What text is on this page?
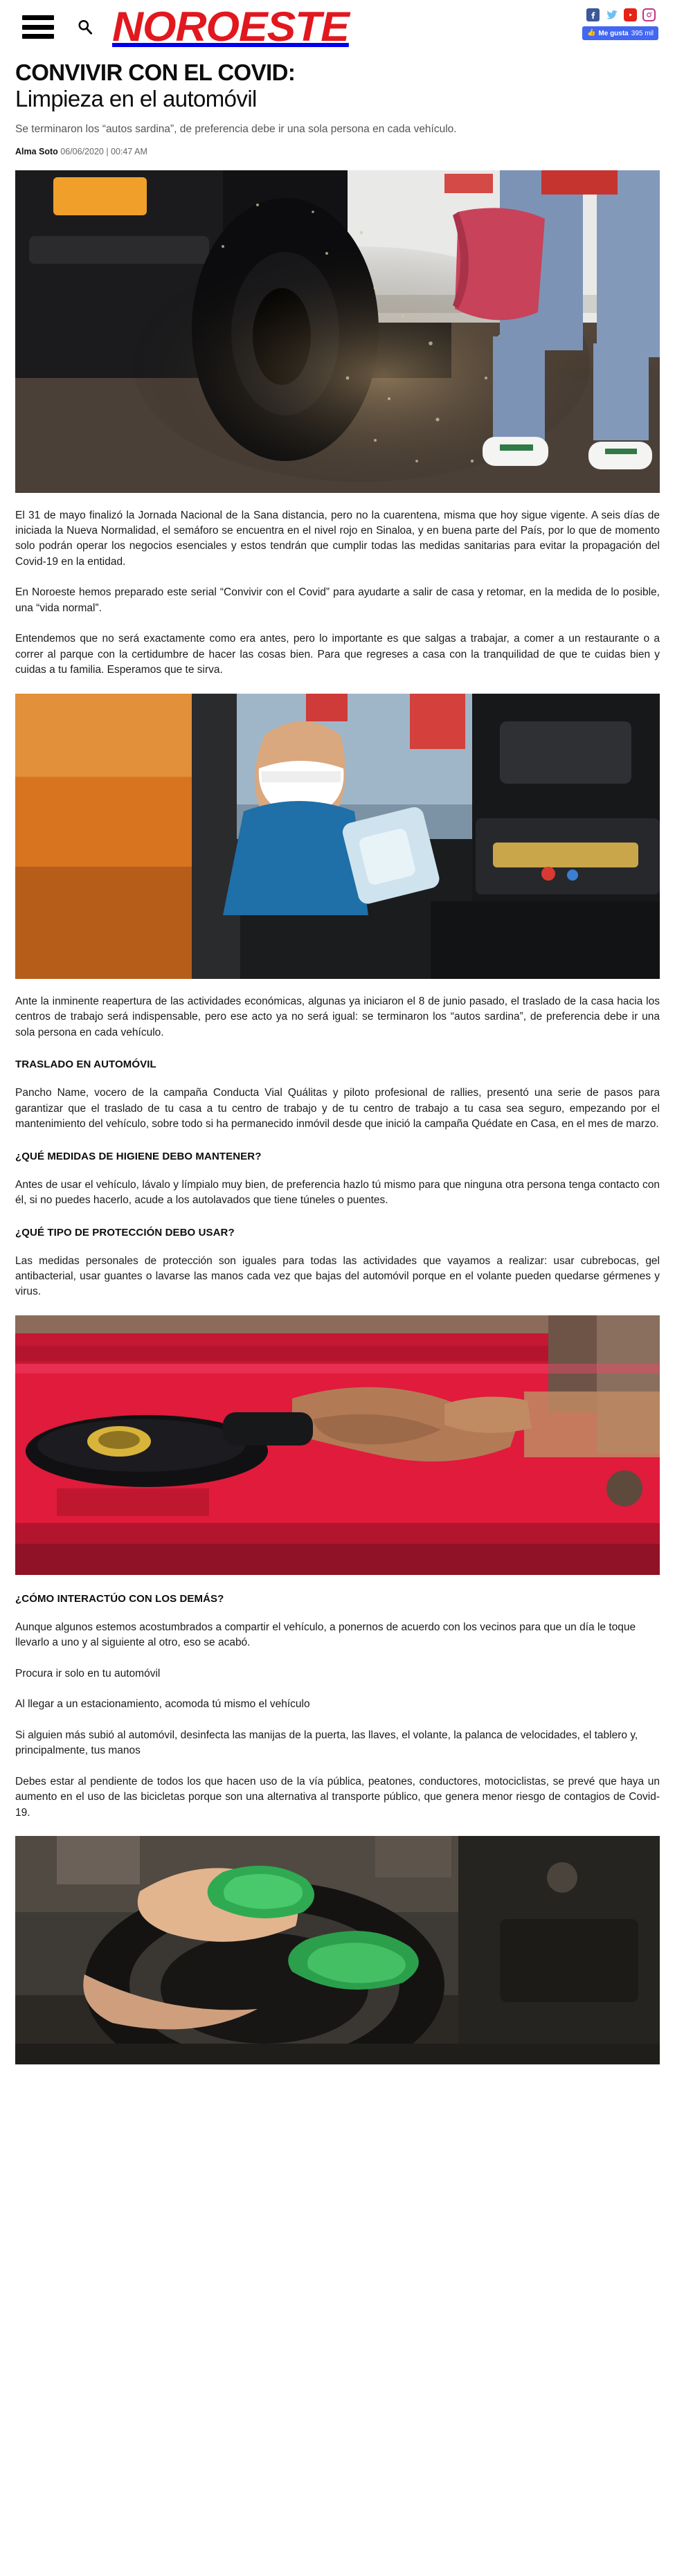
NOROESTE	👍 Me gusta 395 mil
CONVIVIR CON EL COVID:
Limpieza en el automóvil

Se terminaron los “autos sardina”, de preferencia debe ir una sola persona en cada vehículo.

Alma Soto 06/06/2020 | 00:47 AM

El 31 de mayo finalizó la Jornada Nacional de la Sana distancia, pero no la cuarentena, misma que hoy sigue vigente. A seis días de iniciada la Nueva Normalidad, el semáforo se encuentra en el nivel rojo en Sinaloa, y en buena parte del País, por lo que de momento solo podrán operar los negocios esenciales y estos tendrán que cumplir todas las medidas sanitarias para evitar la propagación del Covid-19 en la entidad.

En Noroeste hemos preparado este serial “Convivir con el Covid” para ayudarte a salir de casa y retomar, en la medida de lo posible, una “vida normal”.

Entendemos que no será exactamente como era antes, pero lo importante es que salgas a trabajar, a comer a un restaurante o a correr al parque con la certidumbre de hacer las cosas bien. Para que regreses a casa con la tranquilidad de que te cuidas bien y cuidas a tu familia. Esperamos que te sirva.

Ante la inminente reapertura de las actividades económicas, algunas ya iniciaron el 8 de junio pasado, el traslado de la casa hacia los centros de trabajo será indispensable, pero ese acto ya no será igual: se terminaron los “autos sardina”, de preferencia debe ir una sola persona en cada vehículo.

TRASLADO EN AUTOMÓVIL

Pancho Name, vocero de la campaña Conducta Vial Quálitas y piloto profesional de rallies, presentó una serie de pasos para garantizar que el traslado de tu casa a tu centro de trabajo y de tu centro de trabajo a tu casa sea seguro, empezando por el mantenimiento del vehículo, sobre todo si ha permanecido inmóvil desde que inició la campaña Quédate en Casa, en el mes de marzo.

¿QUÉ MEDIDAS DE HIGIENE DEBO MANTENER?

Antes de usar el vehículo, lávalo y límpialo muy bien, de preferencia hazlo tú mismo para que ninguna otra persona tenga contacto con él, si no puedes hacerlo, acude a los autolavados que tiene túneles o puentes.

¿QUÉ TIPO DE PROTECCIÓN DEBO USAR?

Las medidas personales de protección son iguales para todas las actividades que vayamos a realizar: usar cubrebocas, gel antibacterial, usar guantes o lavarse las manos cada vez que bajas del automóvil porque en el volante pueden quedarse gérmenes y virus.

¿CÓMO INTERACTÚO CON LOS DEMÁS?

Aunque algunos estemos acostumbrados a compartir el vehículo, a ponernos de acuerdo con los vecinos para que un día le toque llevarlo a uno y al siguiente al otro, eso se acabó.

Procura ir solo en tu automóvil

Al llegar a un estacionamiento, acomoda tú mismo el vehículo

Si alguien más subió al automóvil, desinfecta las manijas de la puerta, las llaves, el volante, la palanca de velocidades, el tablero y, principalmente, tus manos

Debes estar al pendiente de todos los que hacen uso de la vía pública, peatones, conductores, motociclistas, se prevé que haya un aumento en el uso de las bicicletas porque son una alternativa al transporte público, que genera menor riesgo de contagios de Covid-19.
